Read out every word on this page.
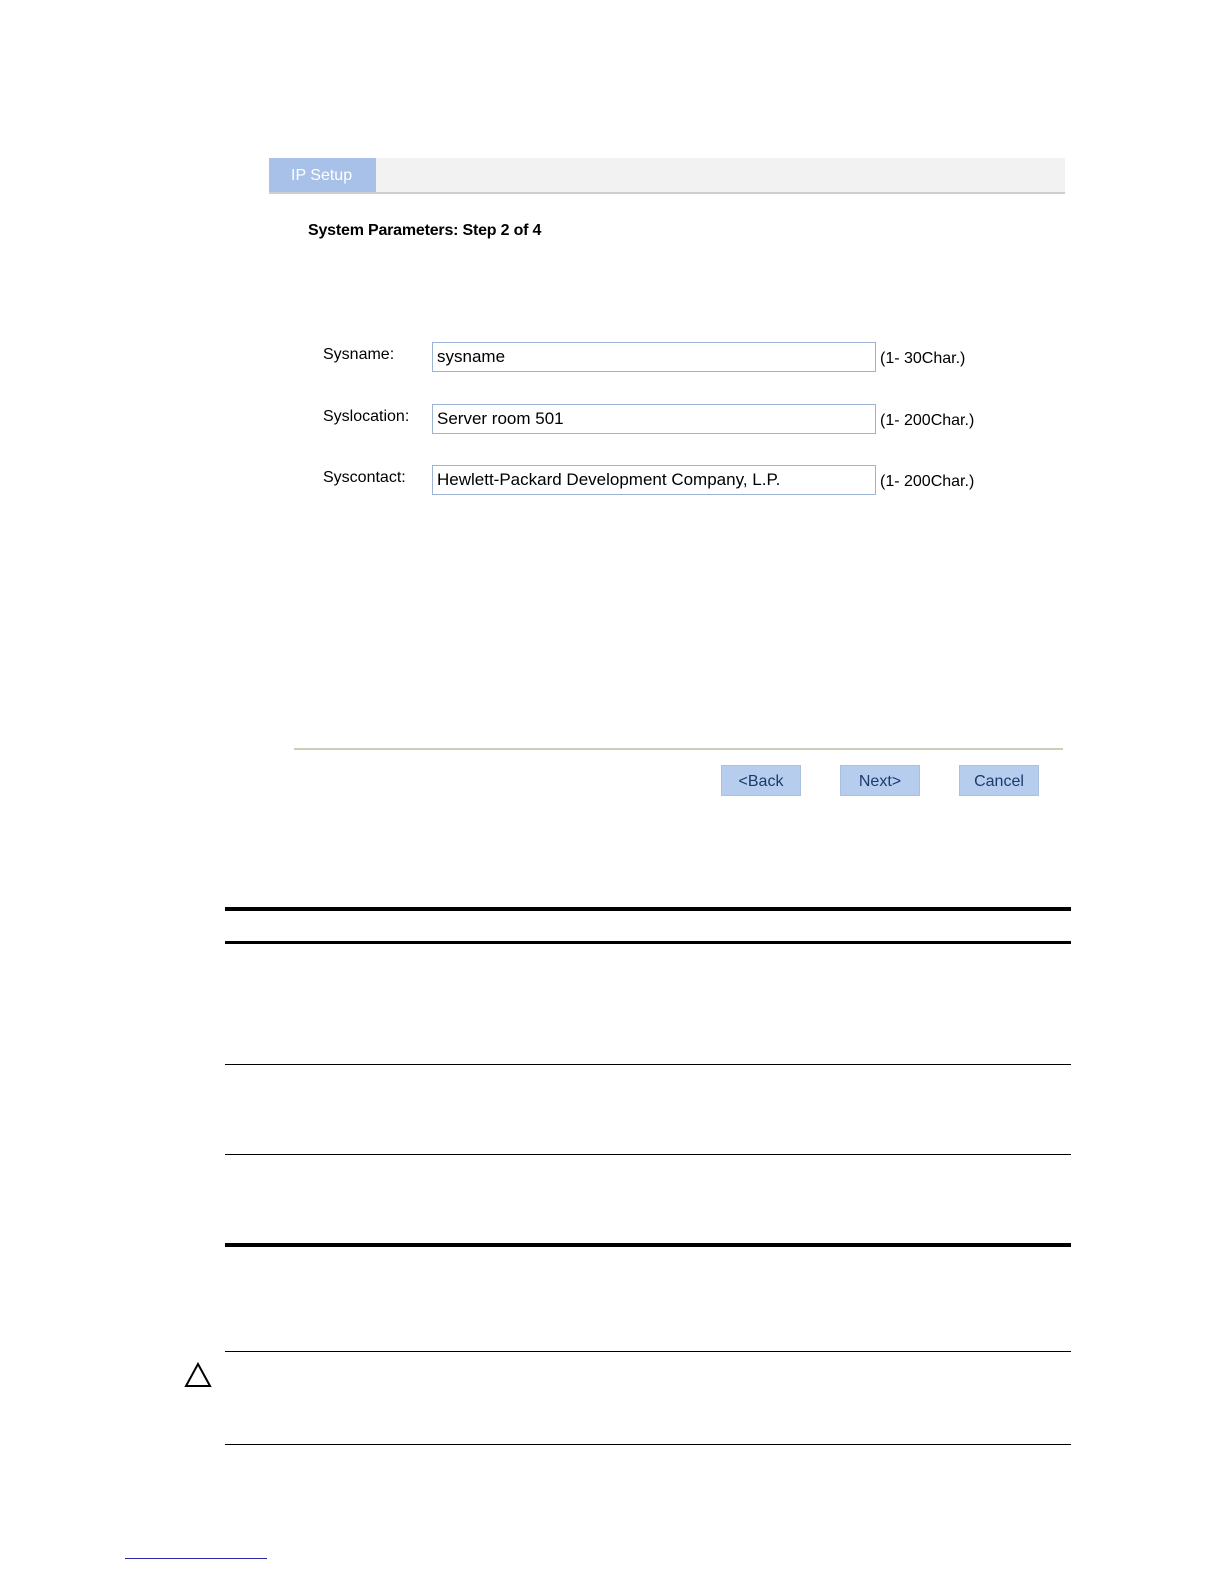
IP Setup
System Parameters: Step 2 of 4
Sysname:
sysname	(1- 30Char.)
Syslocation:
Server room 501	(1- 200Char.)
Syscontact:
Hewlett-Packard Development Company, L.P.	(1- 200Char.)
<Back	Next>	Cancel
